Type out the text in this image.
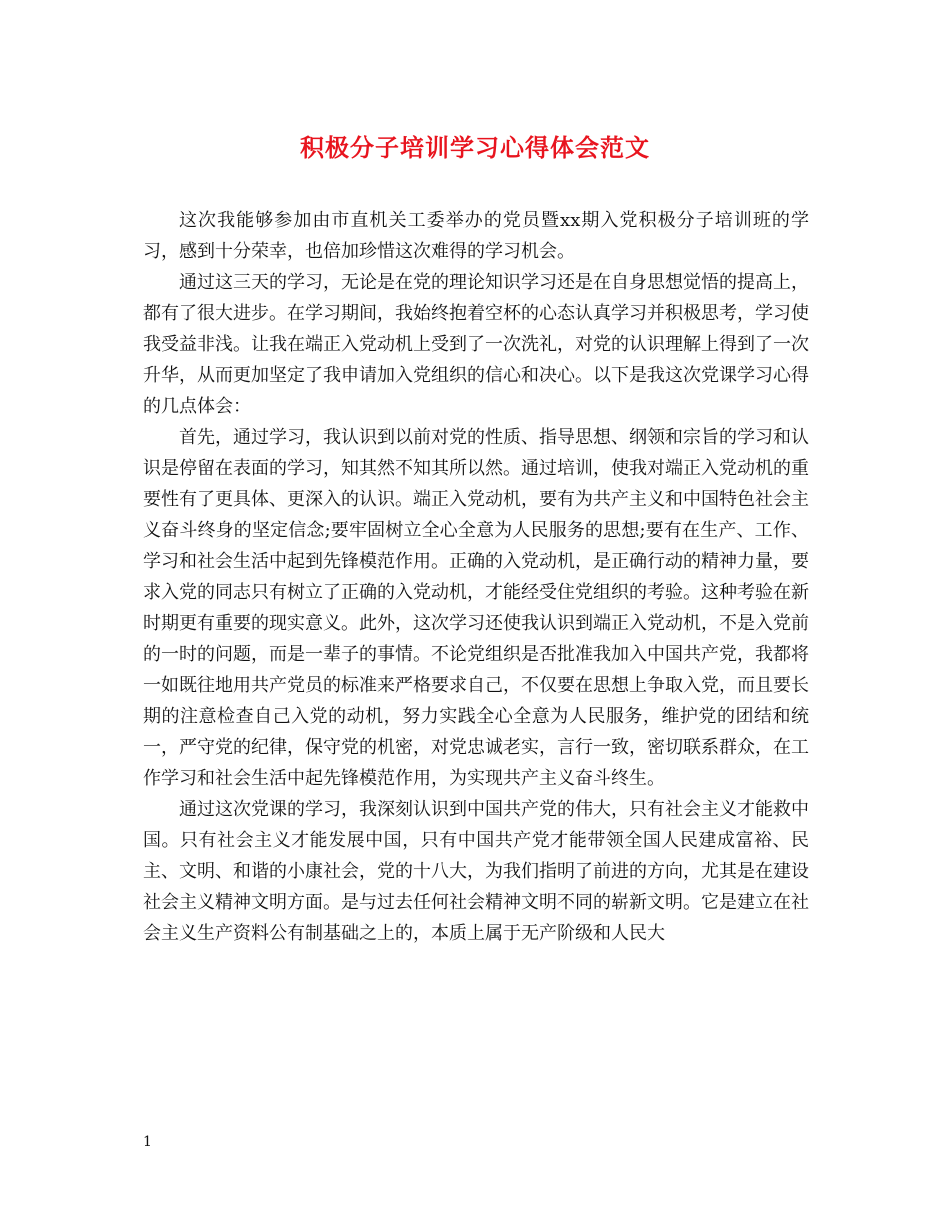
积极分子培训学习心得体会范文

这次我能够参加由市直机关工委举办的党员暨xx期入党积极分子培训班的学习，感到十分荣幸，也倍加珍惜这次难得的学习机会。

通过这三天的学习，无论是在党的理论知识学习还是在自身思想觉悟的提高上，都有了很大进步。在学习期间，我始终抱着空杯的心态认真学习并积极思考，学习使我受益非浅。让我在端正入党动机上受到了一次洗礼，对党的认识理解上得到了一次升华，从而更加坚定了我申请加入党组织的信心和决心。以下是我这次党课学习心得的几点体会：

首先，通过学习，我认识到以前对党的性质、指导思想、纲领和宗旨的学习和认识是停留在表面的学习，知其然不知其所以然。通过培训，使我对端正入党动机的重要性有了更具体、更深入的认识。端正入党动机，要有为共产主义和中国特色社会主义奋斗终身的坚定信念;要牢固树立全心全意为人民服务的思想;要有在生产、工作、学习和社会生活中起到先锋模范作用。正确的入党动机，是正确行动的精神力量，要求入党的同志只有树立了正确的入党动机，才能经受住党组织的考验。这种考验在新时期更有重要的现实意义。此外，这次学习还使我认识到端正入党动机，不是入党前的一时的问题，而是一辈子的事情。不论党组织是否批准我加入中国共产党，我都将一如既往地用共产党员的标准来严格要求自己，不仅要在思想上争取入党，而且要长期的注意检查自己入党的动机，努力实践全心全意为人民服务，维护党的团结和统一，严守党的纪律，保守党的机密，对党忠诚老实，言行一致，密切联系群众，在工作学习和社会生活中起先锋模范作用，为实现共产主义奋斗终生。

通过这次党课的学习，我深刻认识到中国共产党的伟大，只有社会主义才能救中国。只有社会主义才能发展中国，只有中国共产党才能带领全国人民建成富裕、民主、文明、和谐的小康社会，党的十八大，为我们指明了前进的方向，尤其是在建设社会主义精神文明方面。是与过去任何社会精神文明不同的崭新文明。它是建立在社会主义生产资料公有制基础之上的，本质上属于无产阶级和人民大

1
